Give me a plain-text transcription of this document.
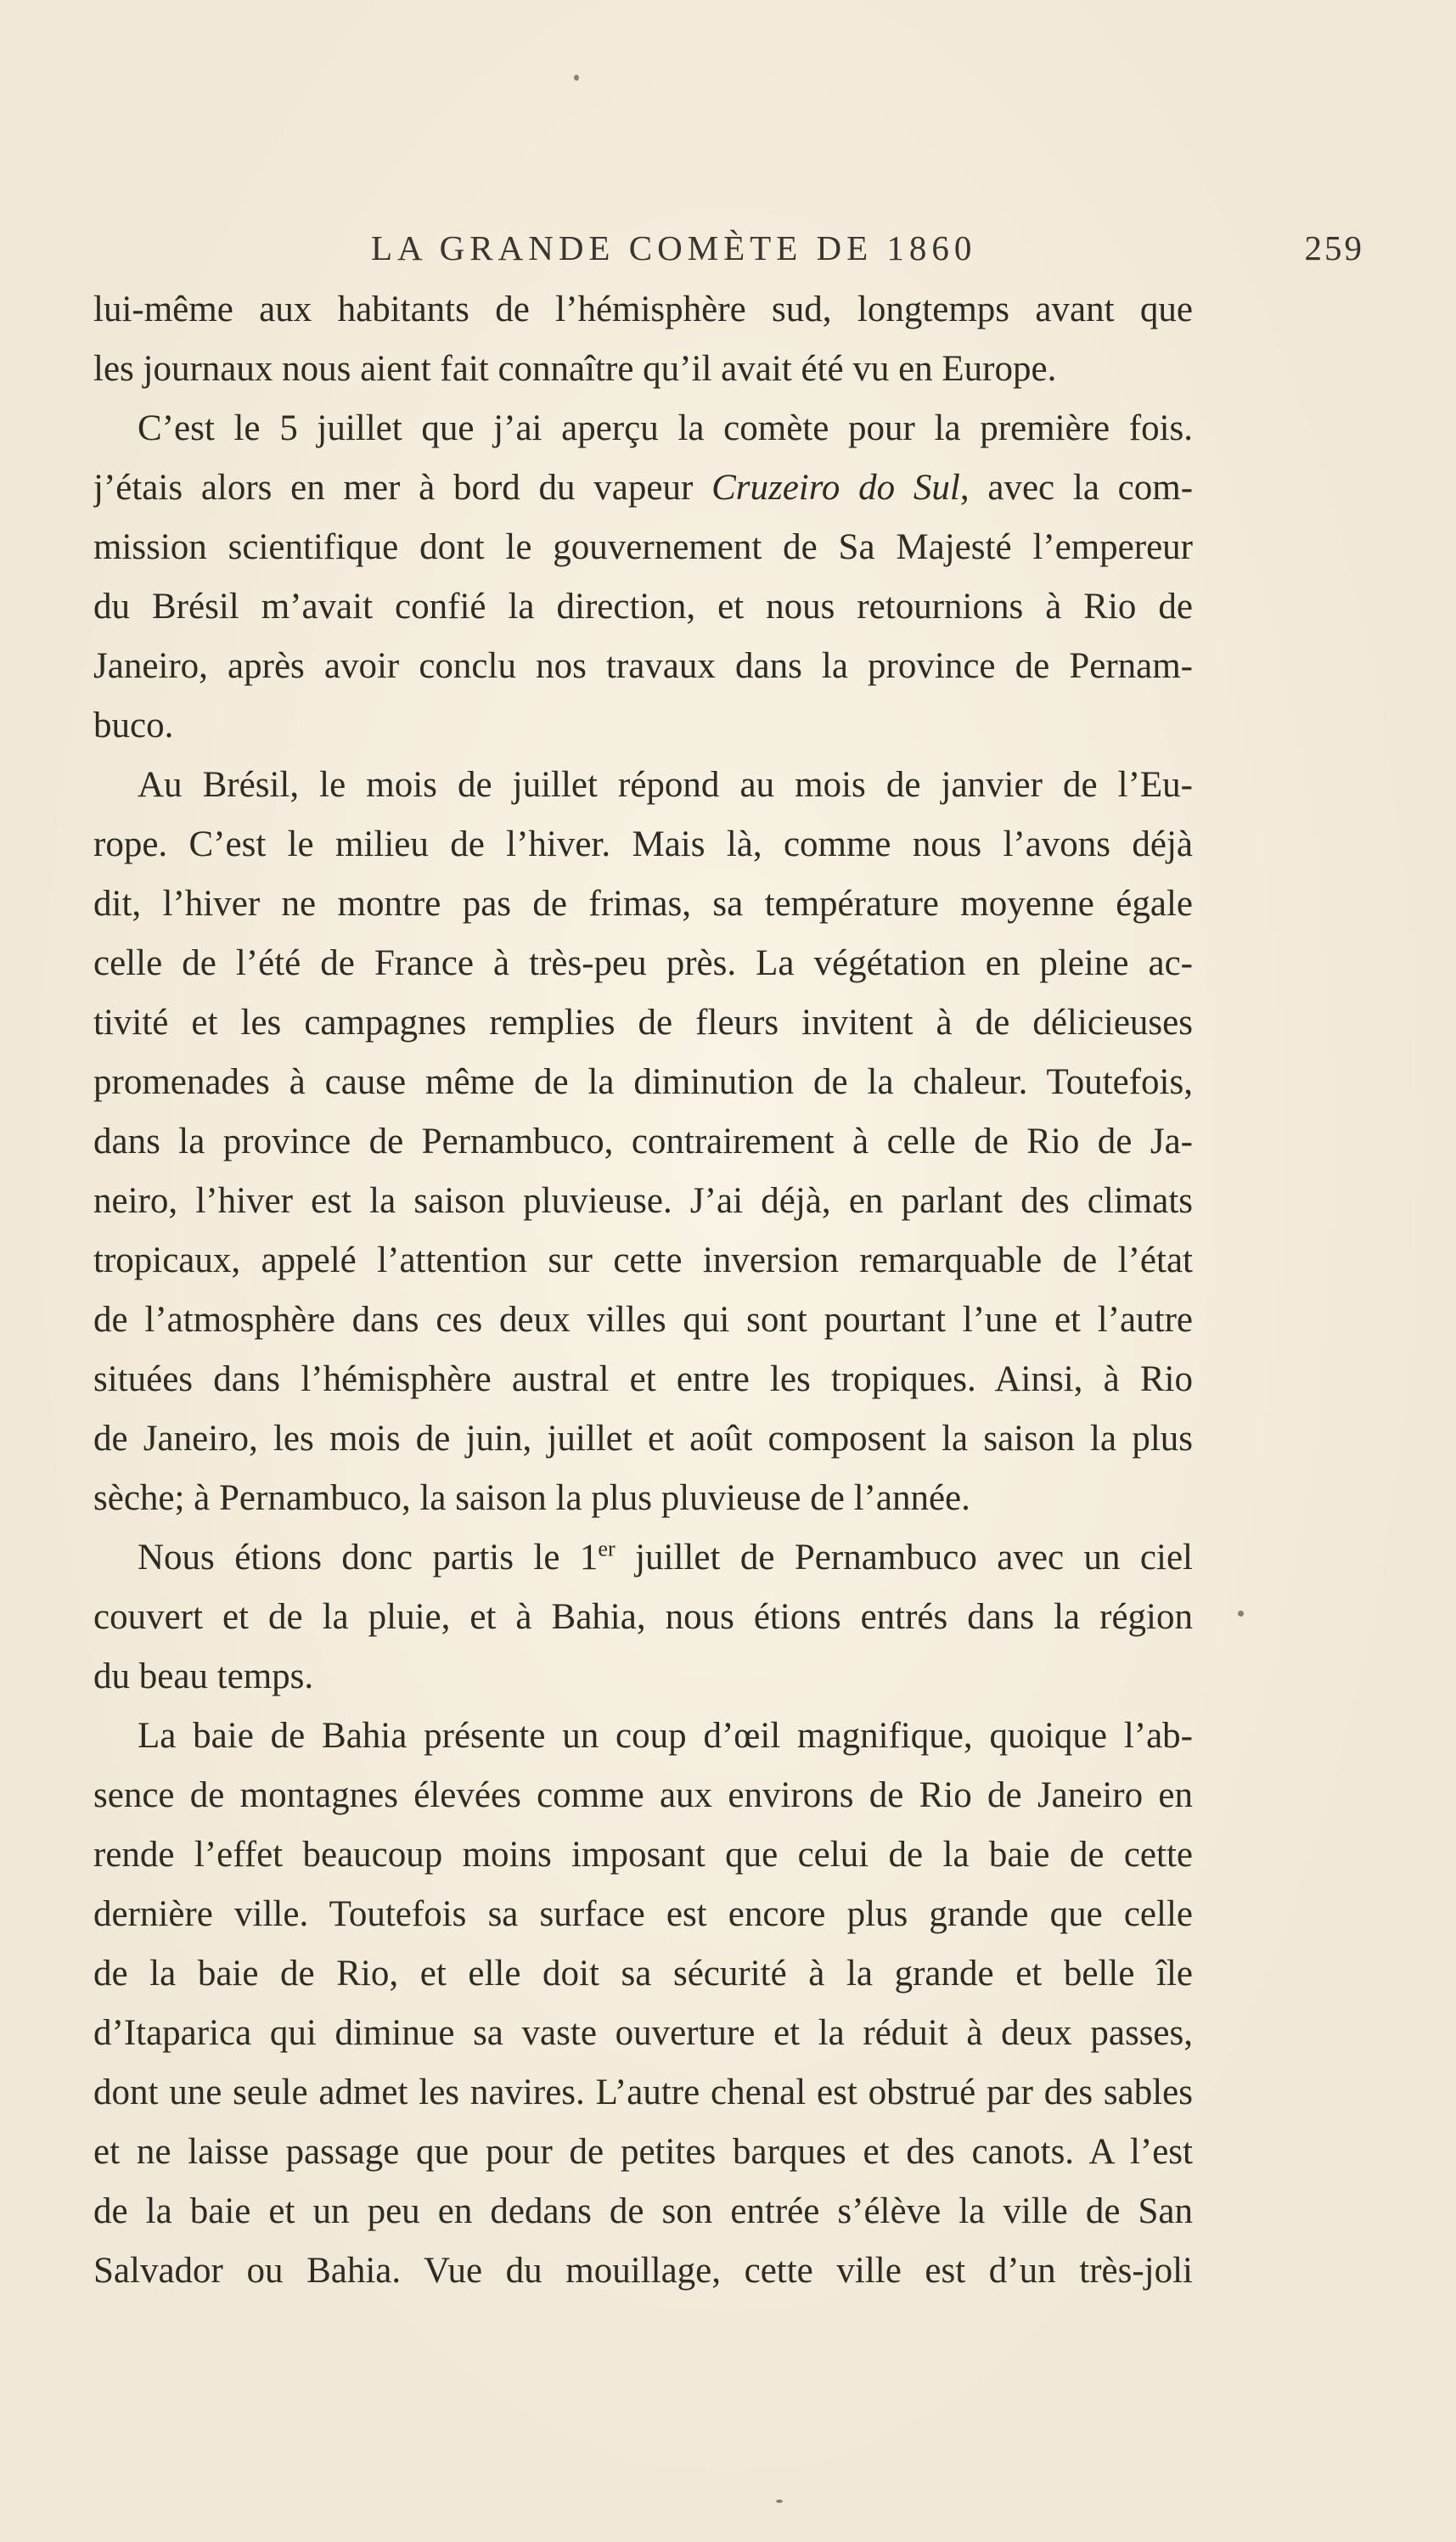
LA GRANDE COMÈTE DE 1860	259
lui-même aux habitants de l’hémisphère sud, longtemps avant que
les journaux nous aient fait connaître qu’il avait été vu en Europe.
C’est le 5 juillet que j’ai aperçu la comète pour la première fois.
j’étais alors en mer à bord du vapeur Cruzeiro do Sul, avec la com-
mission scientifique dont le gouvernement de Sa Majesté l’empereur
du Brésil m’avait confié la direction, et nous retournions à Rio de
Janeiro, après avoir conclu nos travaux dans la province de Pernam-
buco.
Au Brésil, le mois de juillet répond au mois de janvier de l’Eu-
rope. C’est le milieu de l’hiver. Mais là, comme nous l’avons déjà
dit, l’hiver ne montre pas de frimas, sa température moyenne égale
celle de l’été de France à très-peu près. La végétation en pleine ac-
tivité et les campagnes remplies de fleurs invitent à de délicieuses
promenades à cause même de la diminution de la chaleur. Toutefois,
dans la province de Pernambuco, contrairement à celle de Rio de Ja-
neiro, l’hiver est la saison pluvieuse. J’ai déjà, en parlant des climats
tropicaux, appelé l’attention sur cette inversion remarquable de l’état
de l’atmosphère dans ces deux villes qui sont pourtant l’une et l’autre
situées dans l’hémisphère austral et entre les tropiques. Ainsi, à Rio
de Janeiro, les mois de juin, juillet et août composent la saison la plus
sèche; à Pernambuco, la saison la plus pluvieuse de l’année.
Nous étions donc partis le 1er juillet de Pernambuco avec un ciel
couvert et de la pluie, et à Bahia, nous étions entrés dans la région
du beau temps.
La baie de Bahia présente un coup d’œil magnifique, quoique l’ab-
sence de montagnes élevées comme aux environs de Rio de Janeiro en
rende l’effet beaucoup moins imposant que celui de la baie de cette
dernière ville. Toutefois sa surface est encore plus grande que celle
de la baie de Rio, et elle doit sa sécurité à la grande et belle île
d’Itaparica qui diminue sa vaste ouverture et la réduit à deux passes,
dont une seule admet les navires. L’autre chenal est obstrué par des sables
et ne laisse passage que pour de petites barques et des canots. A l’est
de la baie et un peu en dedans de son entrée s’élève la ville de San
Salvador ou Bahia. Vue du mouillage, cette ville est d’un très-joli
